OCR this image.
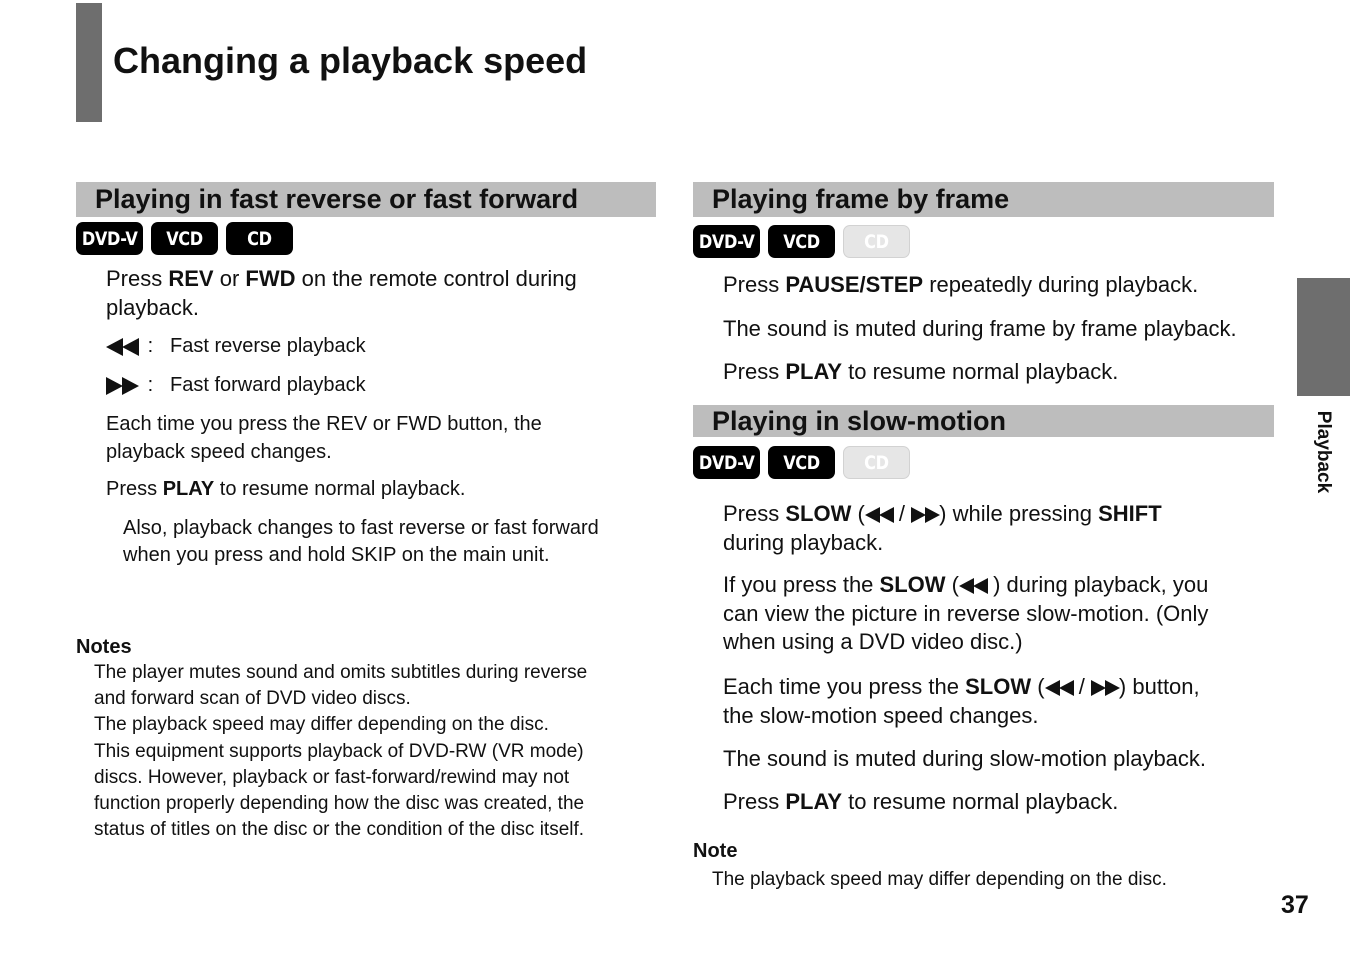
Changing a playback speed
Playing in fast reverse or fast forward
DVD-V VCD CD
Press REV or FWD on the remote control during
playback.
: Fast reverse playback
: Fast forward playback
Each time you press the REV or FWD button, the
playback speed changes.
Press PLAY to resume normal playback.
Also, playback changes to fast reverse or fast forward
when you press and hold SKIP on the main unit.
Notes
The player mutes sound and omits subtitles during reverse
and forward scan of DVD video discs.
The playback speed may differ depending on the disc.
This equipment supports playback of DVD-RW (VR mode)
discs. However, playback or fast-forward/rewind may not
function properly depending how the disc was created, the
status of titles on the disc or the condition of the disc itself.
Playing frame by frame
DVD-V VCD CD
Press PAUSE/STEP repeatedly during playback.
The sound is muted during frame by frame playback.
Press PLAY to resume normal playback.
Playing in slow-motion
DVD-V VCD CD
Press SLOW (
/
) while pressing SHIFT
during playback.
If you press the SLOW (
) during playback, you
can view the picture in reverse slow-motion. (Only
when using a DVD video disc.)
Each time you press the SLOW (
/
) button,
the slow-motion speed changes.
The sound is muted during slow-motion playback.
Press PLAY to resume normal playback.
Note
The playback speed may differ depending on the disc.
Playback
37
